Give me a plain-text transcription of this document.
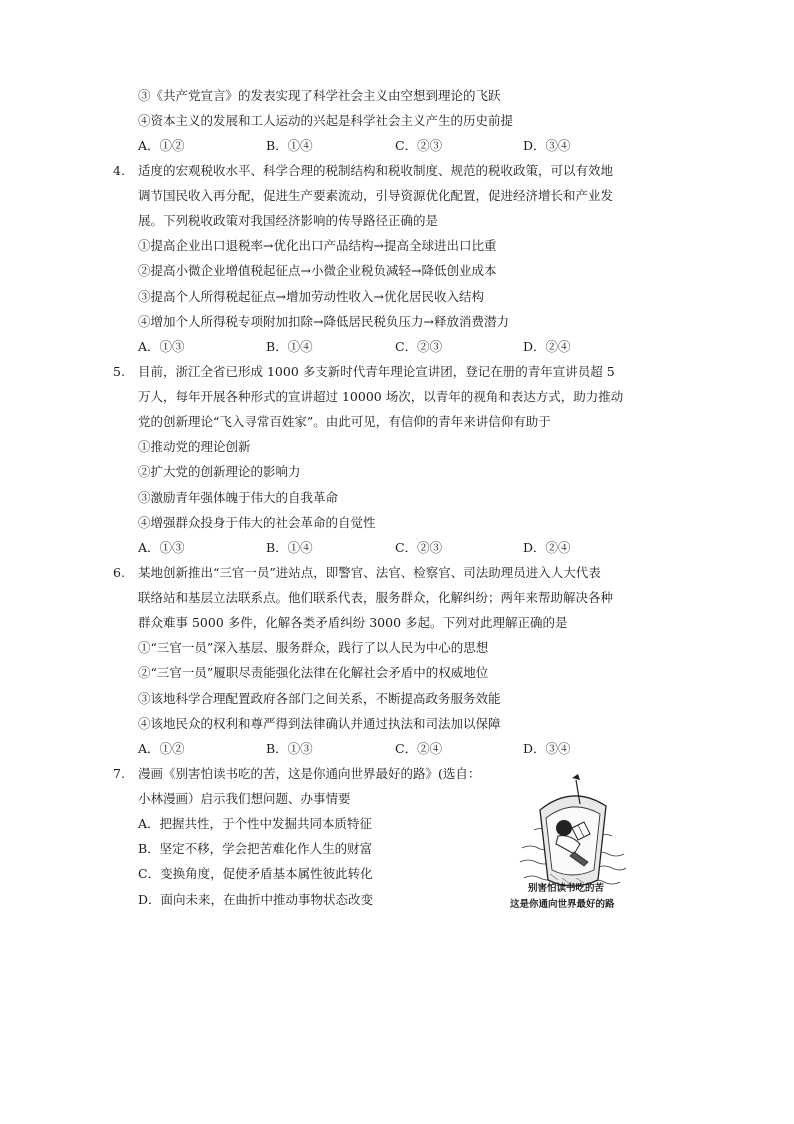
③《共产党宣言》的发表实现了科学社会主义由空想到理论的飞跃
④资本主义的发展和工人运动的兴起是科学社会主义产生的历史前提
A．①②	B．①④	C．②③	D．③④
4. 适度的宏观税收水平、科学合理的税制结构和税收制度、规范的税收政策，可以有效地
调节国民收入再分配，促进生产要素流动，引导资源优化配置，促进经济增长和产业发
展。下列税收政策对我国经济影响的传导路径正确的是
①提高企业出口退税率→优化出口产品结构→提高全球进出口比重
②提高小微企业增值税起征点→小微企业税负减轻→降低创业成本
③提高个人所得税起征点→增加劳动性收入→优化居民收入结构
④增加个人所得税专项附加扣除→降低居民税负压力→释放消费潜力
A．①③	B．①④	C．②③	D．②④
5. 目前，浙江全省已形成 1000 多支新时代青年理论宣讲团，登记在册的青年宣讲员超 5
万人，每年开展各种形式的宣讲超过 10000 场次，以青年的视角和表达方式，助力推动
党的创新理论“飞入寻常百姓家”。由此可见，有信仰的青年来讲信仰有助于
①推动党的理论创新
②扩大党的创新理论的影响力
③激励青年强体魄于伟大的自我革命
④增强群众投身于伟大的社会革命的自觉性
A．①③	B．①④	C．②③	D．②④
6. 某地创新推出“三官一员”进站点，即警官、法官、检察官、司法助理员进入人大代表
联络站和基层立法联系点。他们联系代表，服务群众，化解纠纷；两年来帮助解决各种
群众难事 5000 多件，化解各类矛盾纠纷 3000 多起。下列对此理解正确的是
①“三官一员”深入基层、服务群众，践行了以人民为中心的思想
②“三官一员”履职尽责能强化法律在化解社会矛盾中的权威地位
③该地科学合理配置政府各部门之间关系，不断提高政务服务效能
④该地民众的权利和尊严得到法律确认并通过执法和司法加以保障
A．①②	B．①③	C．②④	D．③④
7. 漫画《别害怕读书吃的苦，这是你通向世界最好的路》(选自：
小林漫画）启示我们想问题、办事情要
A．把握共性，于个性中发掘共同本质特征
B．坚定不移，学会把苦难化作人生的财富
C．变换角度，促使矛盾基本属性彼此转化
D．面向未来，在曲折中推动事物状态改变
别害怕读书吃的苦
这是你通向世界最好的路
